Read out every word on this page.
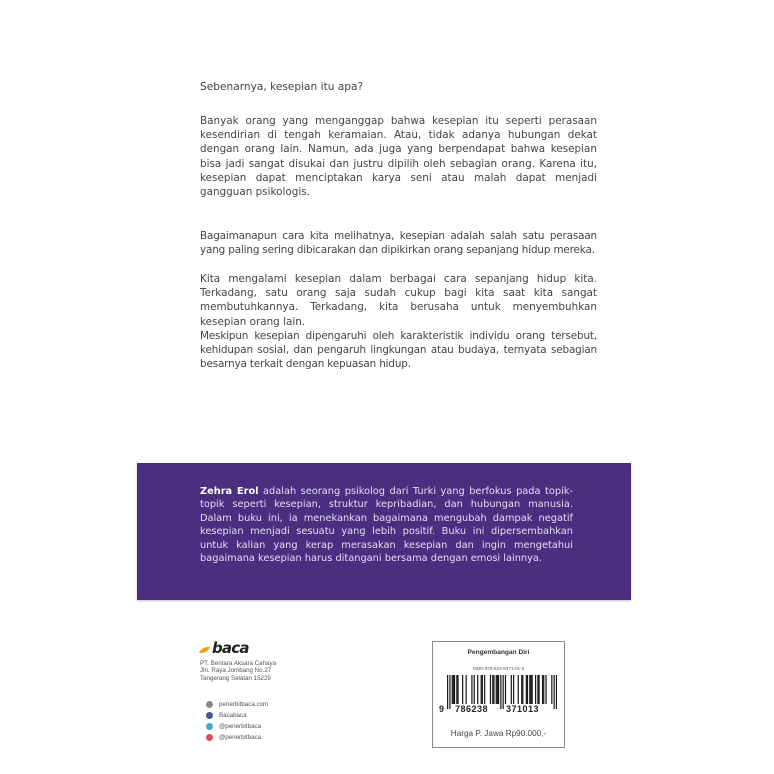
Sebenarnya, kesepian itu apa?

Banyak orang yang menganggap bahwa kesepian itu seperti perasaan kesendirian di tengah keramaian. Atau, tidak adanya hubungan dekat dengan orang lain. Namun, ada juga yang berpendapat bahwa kesepian bisa jadi sangat disukai dan justru dipilih oleh sebagian orang. Karena itu, kesepian dapat menciptakan karya seni atau malah dapat menjadi gangguan psikologis.

Bagaimanapun cara kita melihatnya, kesepian adalah salah satu perasaan yang paling sering dibicarakan dan dipikirkan orang sepanjang hidup mereka.

Kita mengalami kesepian dalam berbagai cara sepanjang hidup kita. Terkadang, satu orang saja sudah cukup bagi kita saat kita sangat membutuhkannya. Terkadang, kita berusaha untuk menyembuhkan kesepian orang lain.

Meskipun kesepian dipengaruhi oleh karakteristik individu orang tersebut, kehidupan sosial, dan pengaruh lingkungan atau budaya, ternyata sebagian besarnya terkait dengan kepuasan hidup.

Zehra Erol adalah seorang psikolog dari Turki yang berfokus pada topik-topik seperti kesepian, struktur kepribadian, dan hubungan manusia. Dalam buku ini, ia menekankan bagaimana mengubah dampak negatif kesepian menjadi sesuatu yang lebih positif. Buku ini dipersembahkan untuk kalian yang kerap merasakan kesepian dan ingin mengetahui bagaimana kesepian harus ditangani bersama dengan emosi lainnya.
baca
PT. Bentara Aksara Cahaya
Jln. Raya Jombang No.27
Tangerang Selatan 15229
penerbitbaca.com
Bacabaca
@penerbitbaca
@penerbitbaca
Pengembangan Diri
ISBN 978-623-8371-01-3
9 786238 371013
Harga P. Jawa Rp90.000,-
